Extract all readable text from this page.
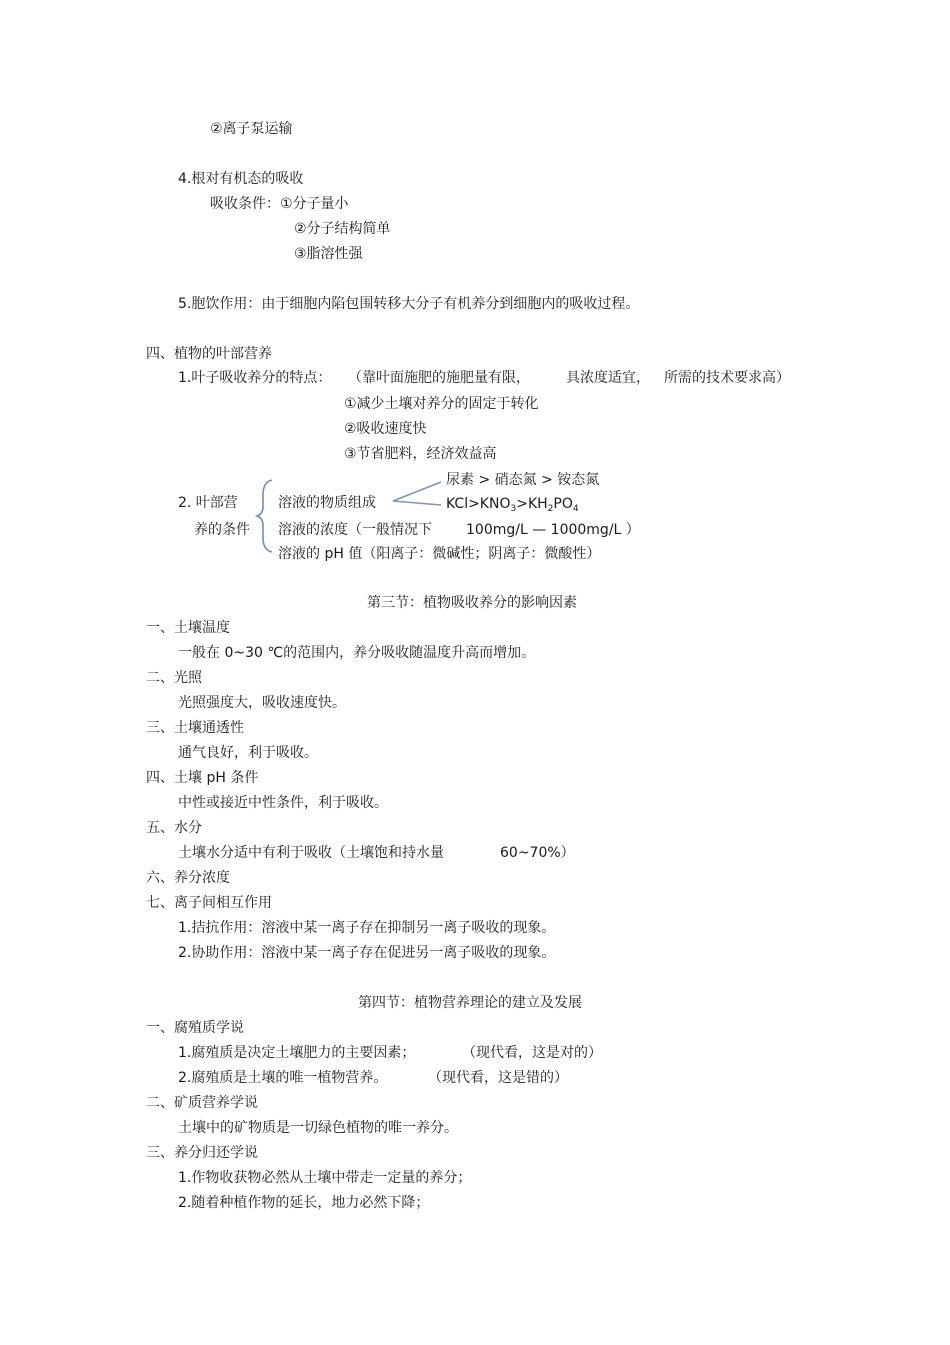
②离子泵运输
4.根对有机态的吸收
吸收条件：①分子量小
②分子结构简单
③脂溶性强
5.胞饮作用：由于细胞内陷包围转移大分子有机养分到细胞内的吸收过程。
四、植物的叶部营养
1.叶子吸收养分的特点： （靠叶面施肥的施肥量有限，	具浓度适宜， 所需的技术要求高）
①减少土壤对养分的固定于转化
②吸收速度快
③节省肥料，经济效益高
尿素 > 硝态氮 > 铵态氮
2. 叶部营	溶液的物质组成	$KCl>KNO_3>KH_2PO_4$
养的条件 溶液的浓度（一般情况下 100mg/L — 1000mg/L ）
溶液的 pH 值（阳离子：微碱性；阴离子：微酸性）
第三节：植物吸收养分的影响因素
一、土壤温度
一般在 0~30 ℃的范围内，养分吸收随温度升高而增加。
二、光照
光照强度大，吸收速度快。
三、土壤通透性
通气良好，利于吸收。
四、土壤 pH 条件
中性或接近中性条件，利于吸收。
五、水分
土壤水分适中有利于吸收（土壤饱和持水量	60~70%）
六、养分浓度
七、离子间相互作用
1.拮抗作用：溶液中某一离子存在抑制另一离子吸收的现象。
2.协助作用：溶液中某一离子存在促进另一离子吸收的现象。
第四节：植物营养理论的建立及发展
一、腐殖质学说
1.腐殖质是决定土壤肥力的主要因素；	（现代看，这是对的）
2.腐殖质是土壤的唯一植物营养。	（现代看，这是错的）
二、矿质营养学说
土壤中的矿物质是一切绿色植物的唯一养分。
三、养分归还学说
1.作物收获物必然从土壤中带走一定量的养分；
2.随着种植作物的延长，地力必然下降；
